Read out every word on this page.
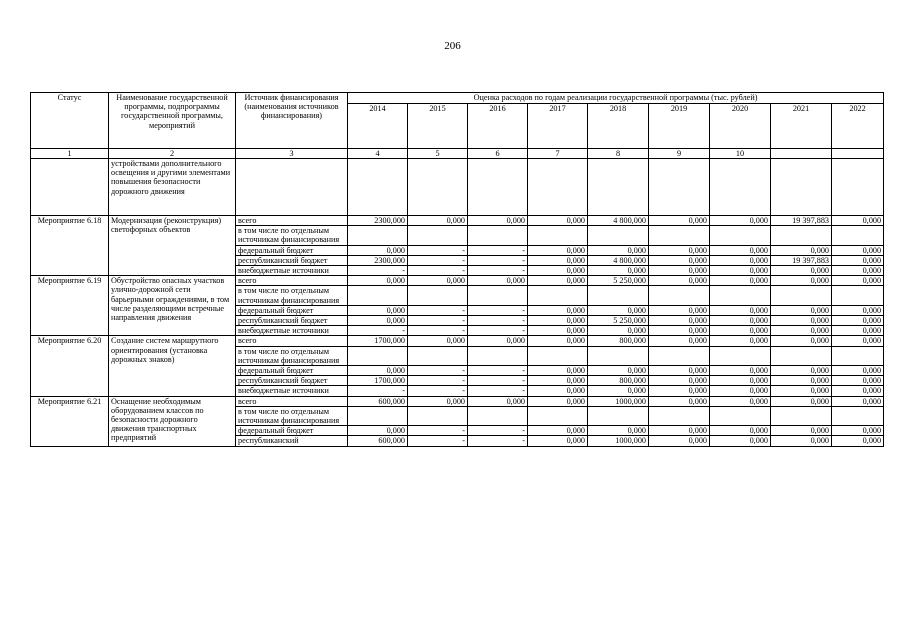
206
Статус	Наименование государственной программы, подпрограммы государственной программы, мероприятий	Источник финансирования (наименования источников финансирования)	Оценка расходов по годам реализации государственной программы (тыс. рублей)								
			2014	2015	2016	2017	2018	2019	2020	2021	2022
1	2	3	4	5	6	7	8	9	10		
	устройствами дополнительного освещения и другими элементами повышения безопасности дорожного движения										
Мероприятие 6.18	Модернизация (реконструкция) светофорных объектов	всего	2300,000	0,000	0,000	0,000	4 800,000	0,000	0,000	19 397,883	0,000
		в том числе по отдельным источникам финансирования									
		федеральный бюджет	0,000	-	-	0,000	0,000	0,000	0,000	0,000	0,000
		республиканский бюджет	2300,000	-	-	0,000	4 800,000	0,000	0,000	19 397,883	0,000
		внебюджетные источники	-	-	-	0,000	0,000	0,000	0,000	0,000	0,000
Мероприятие 6.19	Обустройство опасных участков улично-дорожной сети барьерными ограждениями, в том числе разделяющими встречные направления движения	всего	0,000	0,000	0,000	0,000	5 250,000	0,000	0,000	0,000	0,000
		в том числе по отдельным источникам финансирования									
		федеральный бюджет	0,000	-	-	0,000	0,000	0,000	0,000	0,000	0,000
		республиканский бюджет	0,000	-	-	0,000	5 250,000	0,000	0,000	0,000	0,000
		внебюджетные источники	-	-	-	0,000	0,000	0,000	0,000	0,000	0,000
Мероприятие 6.20	Создание систем маршрутного ориентирования (установка дорожных знаков)	всего	1700,000	0,000	0,000	0,000	800,000	0,000	0,000	0,000	0,000
		в том числе по отдельным источникам финансирования									
		федеральный бюджет	0,000	-	-	0,000	0,000	0,000	0,000	0,000	0,000
		республиканский бюджет	1700,000	-	-	0,000	800,000	0,000	0,000	0,000	0,000
		внебюджетные источники	-	-	-	0,000	0,000	0,000	0,000	0,000	0,000
Мероприятие 6.21	Оснащение необходимым оборудованием классов по безопасности дорожного движения транспортных предприятий	всего	600,000	0,000	0,000	0,000	1000,000	0,000	0,000	0,000	0,000
		в том числе по отдельным источникам финансирования									
		федеральный бюджет	0,000	-	-	0,000	0,000	0,000	0,000	0,000	0,000
		республиканский	600,000	-	-	0,000	1000,000	0,000	0,000	0,000	0,000
